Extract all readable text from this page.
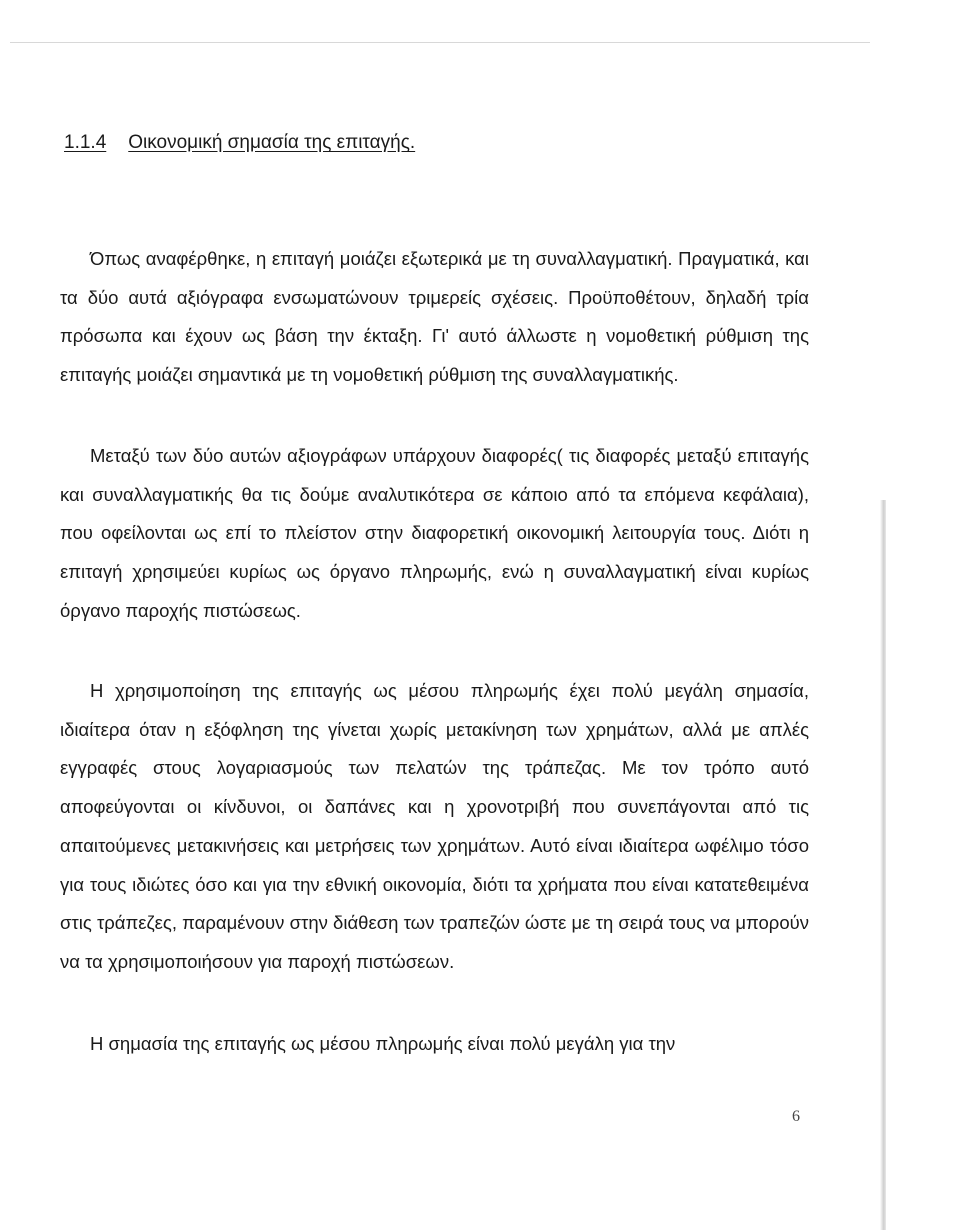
1.1.4 Οικονομική σημασία της επιταγής.

Όπως αναφέρθηκε, η επιταγή μοιάζει εξωτερικά με τη συναλλαγματική. Πραγματικά, και τα δύο αυτά αξιόγραφα ενσωματώνουν τριμερείς σχέσεις. Προϋποθέτουν, δηλαδή τρία πρόσωπα και έχουν ως βάση την έκταξη. Γι' αυτό άλλωστε η νομοθετική ρύθμιση της επιταγής μοιάζει σημαντικά με τη νομοθετική ρύθμιση της συναλλαγματικής.

Μεταξύ των δύο αυτών αξιογράφων υπάρχουν διαφορές( τις διαφορές μεταξύ επιταγής και συναλλαγματικής θα τις δούμε αναλυτικότερα σε κάποιο από τα επόμενα κεφάλαια), που οφείλονται ως επί το πλείστον στην διαφορετική οικονομική λειτουργία τους. Διότι η επιταγή χρησιμεύει κυρίως ως όργανο πληρωμής, ενώ η συναλλαγματική είναι κυρίως όργανο παροχής πιστώσεως.

Η χρησιμοποίηση της επιταγής ως μέσου πληρωμής έχει πολύ μεγάλη σημασία, ιδιαίτερα όταν η εξόφληση της γίνεται χωρίς μετακίνηση των χρημάτων, αλλά με απλές εγγραφές στους λογαριασμούς των πελατών της τράπεζας. Με τον τρόπο αυτό αποφεύγονται οι κίνδυνοι, οι δαπάνες και η χρονοτριβή που συνεπάγονται από τις απαιτούμενες μετακινήσεις και μετρήσεις των χρημάτων. Αυτό είναι ιδιαίτερα ωφέλιμο τόσο για τους ιδιώτες όσο και για την εθνική οικονομία, διότι τα χρήματα που είναι κατατεθειμένα στις τράπεζες, παραμένουν στην διάθεση των τραπεζών ώστε με τη σειρά τους να μπορούν να τα χρησιμοποιήσουν για παροχή πιστώσεων.

Η σημασία της επιταγής ως μέσου πληρωμής είναι πολύ μεγάλη για την

6
